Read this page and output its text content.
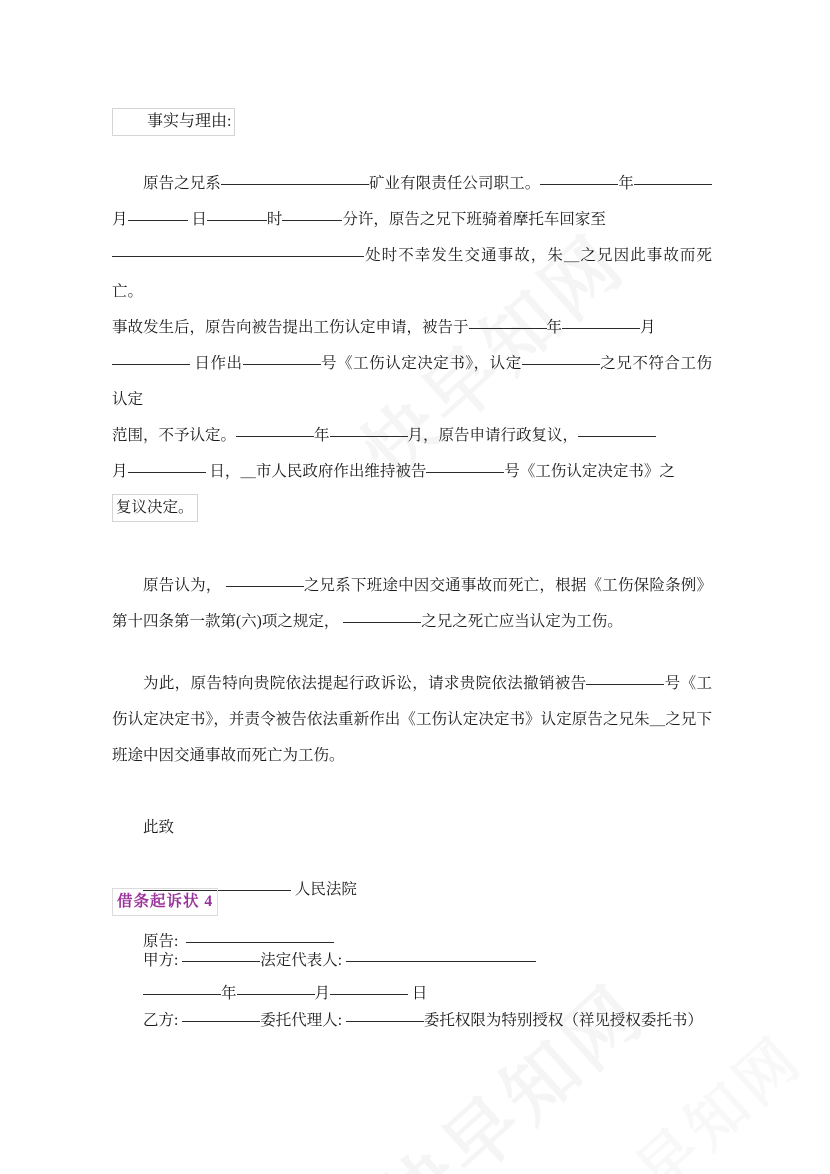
事实与理由:

原告之兄系	矿业有限责任公司职工。	年月	日	时	分许，原告之兄下班骑着摩托车回家至
处时不幸发生交通事故，朱＿之兄因此事故而死亡。

事故发生后，原告向被告提出工伤认定申请，被告于	年	月
日作出	号《工伤认定决定书》，认定	之兄不符合工伤认定
范围，不予认定。	年	月，原告申请行政复议，
月	日，＿市人民政府作出维持被告	号《工伤认定决定书》之
复议决定。

原告认为，	之兄系下班途中因交通事故而死亡，根据《工伤保险条例》第十四条第一款第(六)项之规定，	之兄之死亡应当认定为工伤。

为此，原告特向贵院依法提起行政诉讼，请求贵院依法撤销被告	号《工伤认定决定书》，并责令被告依法重新作出《工伤认定决定书》认定原告之兄朱＿之兄下班途中因交通事故而死亡为工伤。

此致
人民法院
原告:
年	月	日
借条起诉状 4

甲方:	法定代表人:

乙方:	委托代理人:	委托权限为特别授权（祥见授权委托书）
